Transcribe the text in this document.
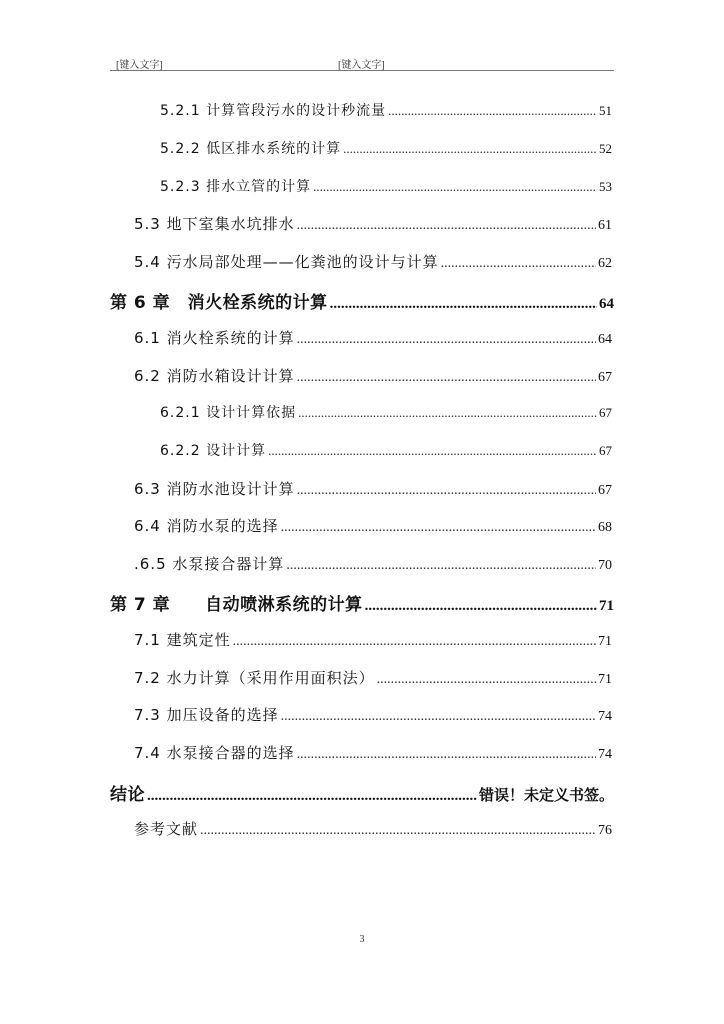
[键入文字]	[键入文字]
5.2.1 计算管段污水的设计秒流量 .....	51
5.2.2 低区排水系统的计算 .....	52
5.2.3 排水立管的计算 .....	53
5.3 地下室集水坑排水 .....	61
5.4 污水局部处理——化粪池的设计与计算 .....	62
第 6 章　消火栓系统的计算 .....	64
6.1 消火栓系统的计算 .....	64
6.2 消防水箱设计计算 .....	67
6.2.1 设计计算依据 .....	67
6.2.2 设计计算 .....	67
6.3 消防水池设计计算 .....	67
6.4 消防水泵的选择 .....	68
.6.5 水泵接合器计算 .....	70
第 7 章　　自动喷淋系统的计算 .....	71
7.1 建筑定性 .....	71
7.2 水力计算（采用作用面积法） .....	71
7.3 加压设备的选择 .....	74
7.4 水泵接合器的选择 .....	74
结论 .....	错误！未定义书签。
参考文献 .....	76
3
